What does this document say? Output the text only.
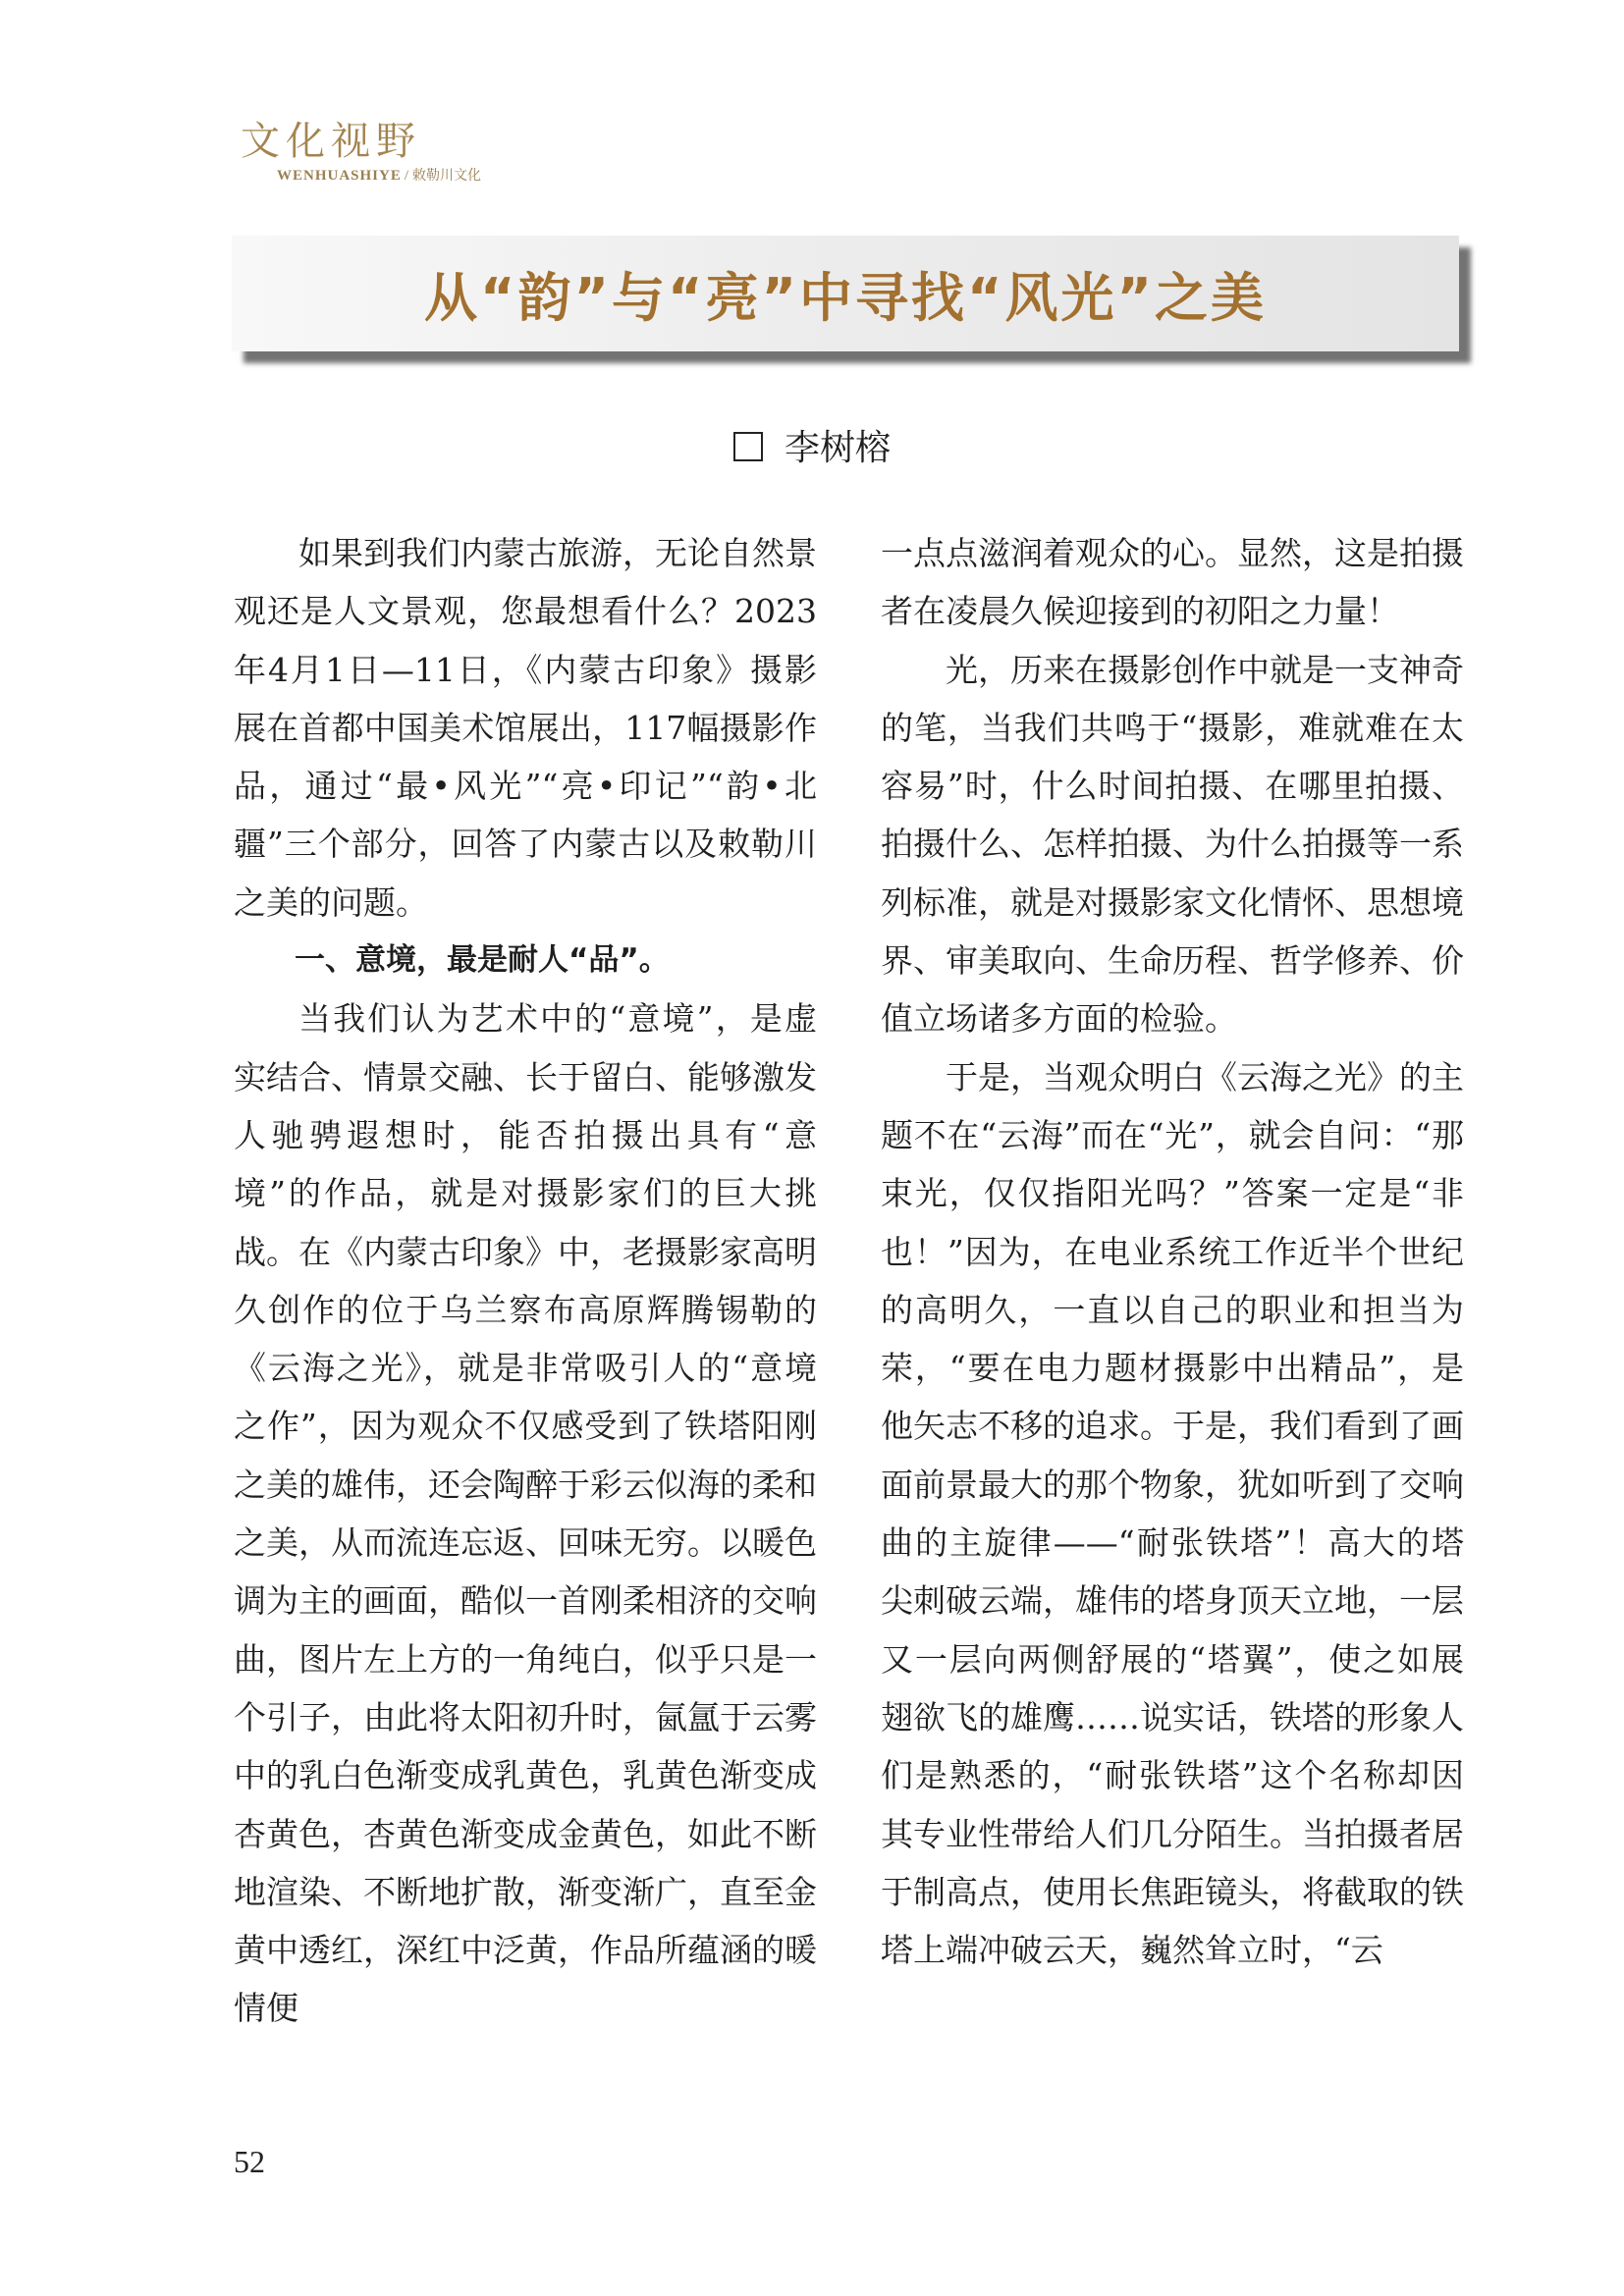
文化视野
WENHUASHIYE / 敕勒川文化
从“韵”与“亮”中寻找“风光”之美
李树榕

如果到我们内蒙古旅游，无论自然景观还是人文景观，您最想看什么？2023年4月1日—11日，《内蒙古印象》摄影展在首都中国美术馆展出，117幅摄影作品，通过“最•风光”“亮•印记”“韵•北疆”三个部分，回答了内蒙古以及敕勒川之美的问题。

一、意境，最是耐人“品”。

当我们认为艺术中的“意境”，是虚实结合、情景交融、长于留白、能够激发人驰骋遐想时，能否拍摄出具有“意境”的作品，就是对摄影家们的巨大挑战。在《内蒙古印象》中，老摄影家高明久创作的位于乌兰察布高原辉腾锡勒的《云海之光》，就是非常吸引人的“意境之作”，因为观众不仅感受到了铁塔阳刚之美的雄伟，还会陶醉于彩云似海的柔和之美，从而流连忘返、回味无穷。以暖色调为主的画面，酷似一首刚柔相济的交响曲，图片左上方的一角纯白，似乎只是一个引子，由此将太阳初升时，氤氲于云雾中的乳白色渐变成乳黄色，乳黄色渐变成杏黄色，杏黄色渐变成金黄色，如此不断地渲染、不断地扩散，渐变渐广，直至金黄中透红，深红中泛黄，作品所蕴涵的暖情便

一点点滋润着观众的心。显然，这是拍摄者在凌晨久候迎接到的初阳之力量！

光，历来在摄影创作中就是一支神奇的笔，当我们共鸣于“摄影，难就难在太容易”时，什么时间拍摄、在哪里拍摄、拍摄什么、怎样拍摄、为什么拍摄等一系列标准，就是对摄影家文化情怀、思想境界、审美取向、生命历程、哲学修养、价值立场诸多方面的检验。

于是，当观众明白《云海之光》的主题不在“云海”而在“光”，就会自问：“那束光，仅仅指阳光吗？”答案一定是“非也！”因为，在电业系统工作近半个世纪的高明久，一直以自己的职业和担当为荣，“要在电力题材摄影中出精品”，是他矢志不移的追求。于是，我们看到了画面前景最大的那个物象，犹如听到了交响曲的主旋律——“耐张铁塔”！高大的塔尖刺破云端，雄伟的塔身顶天立地，一层又一层向两侧舒展的“塔翼”，使之如展翅欲飞的雄鹰……说实话，铁塔的形象人们是熟悉的，“耐张铁塔”这个名称却因其专业性带给人们几分陌生。当拍摄者居于制高点，使用长焦距镜头，将截取的铁塔上端冲破云天，巍然耸立时，“云

52
